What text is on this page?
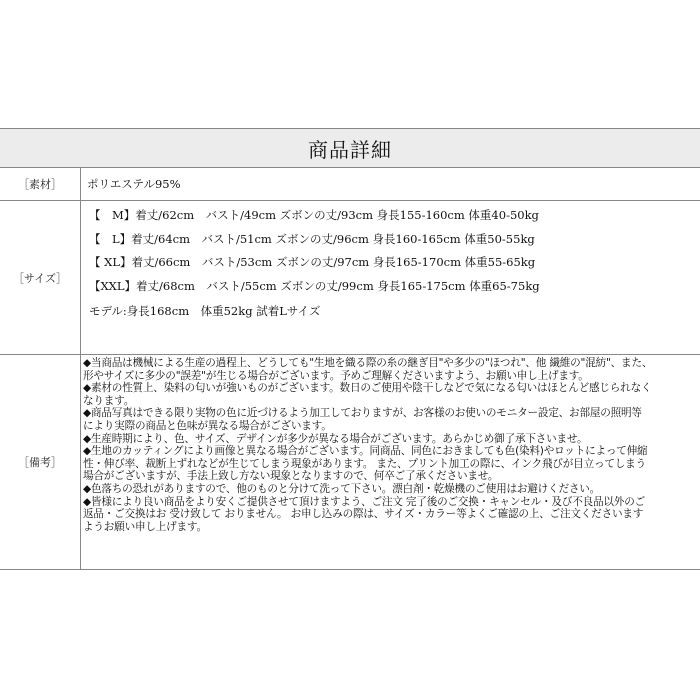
商品詳細
［素材］	ポリエステル95%
［サイズ］
【　M】着丈/62cm　バスト/49cm ズボンの丈/93cm 身長155-160cm 体重40-50kg
【　L】着丈/64cm　バスト/51cm ズボンの丈/96cm 身長160-165cm 体重50-55kg
【 XL】着丈/66cm　バスト/53cm ズボンの丈/97cm 身長165-170cm 体重55-65kg
【XXL】着丈/68cm　バスト/55cm ズボンの丈/99cm 身長165-175cm 体重65-75kg
モデル:身長168cm　体重52kg 試着Lサイズ
［備考］
◆当商品は機械による生産の過程上、どうしても"生地を織る際の糸の継ぎ目"や多少の"ほつれ"、他 繊維の"混紡"、また、
形やサイズに多少の"誤差"が生じる場合がございます。予めご理解くださいますよう、お願い申し上げます。
◆素材の性質上、染料の匂いが強いものがございます。数日のご使用や陰干しなどで気になる匂いはほとんど感じられなく
なります。
◆商品写真はできる限り実物の色に近づけるよう加工しておりますが、お客様のお使いのモニター設定、お部屋の照明等
により実際の商品と色味が異なる場合がございます。
◆生産時期により、色、サイズ、デザインが多少が異なる場合がございます。あらかじめ御了承下さいませ。
◆生地のカッティングにより画像と異なる場合がございます。同商品、同色におきましても色(染料)やロットによって伸縮
性・伸び率、裁断上ずれなどが生じてしまう現象があります。 また、プリント加工の際に、インク飛びが目立ってしまう
場合がございますが、手法上致し方ない現象となりますので、何卒ご了承くださいませ。
◆色落ちの恐れがありますので、他のものと分けて洗って下さい。漂白剤・乾燥機のご使用はお避けください。
◆皆様により良い商品をより安くご提供させて頂けますよう、ご注文 完了後のご交換・キャンセル・及び不良品以外のご
返品・ご交換はお 受け致して おりません。 お申し込みの際は、サイズ・カラー等よくご確認の上、ご注文くださいます
ようお願い申し上げます。
